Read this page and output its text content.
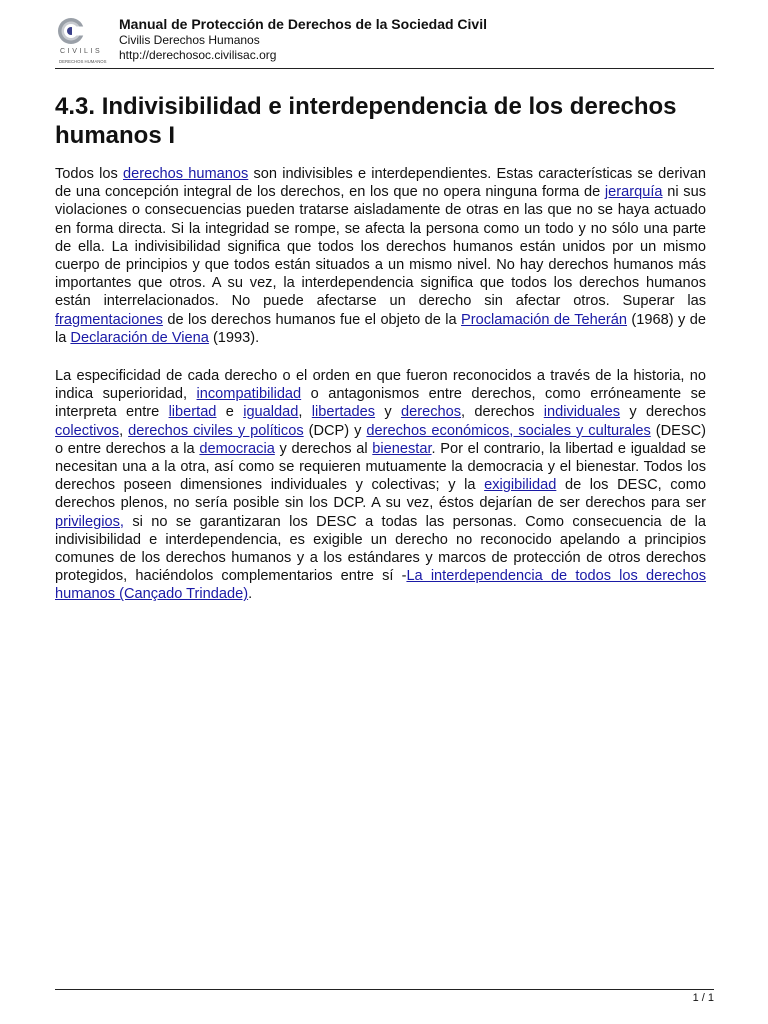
CIVILIS
DERECHOS HUMANOS
Manual de Protección de Derechos de la Sociedad Civil
Civilis Derechos Humanos
http://derechosoc.civilisac.org
4.3. Indivisibilidad e interdependencia de los derechos humanos I

Todos los derechos humanos son indivisibles e interdependientes. Estas características se derivan de una concepción integral de los derechos, en los que no opera ninguna forma de jerarquía ni sus violaciones o consecuencias pueden tratarse aisladamente de otras en las que no se haya actuado en forma directa. Si la integridad se rompe, se afecta la persona como un todo y no sólo una parte de ella. La indivisibilidad significa que todos los derechos humanos están unidos por un mismo cuerpo de principios y que todos están situados a un mismo nivel. No hay derechos humanos más importantes que otros. A su vez, la interdependencia significa que todos los derechos humanos están interrelacionados. No puede afectarse un derecho sin afectar otros. Superar las fragmentaciones de los derechos humanos fue el objeto de la Proclamación de Teherán (1968) y de la Declaración de Viena (1993).

La especificidad de cada derecho o el orden en que fueron reconocidos a través de la historia, no indica superioridad, incompatibilidad o antagonismos entre derechos, como erróneamente se interpreta entre libertad e igualdad, libertades y derechos, derechos individuales y derechos colectivos, derechos civiles y políticos (DCP) y derechos económicos, sociales y culturales (DESC) o entre derechos a la democracia y derechos al bienestar. Por el contrario, la libertad e igualdad se necesitan una a la otra, así como se requieren mutuamente la democracia y el bienestar. Todos los derechos poseen dimensiones individuales y colectivas; y la exigibilidad de los DESC, como derechos plenos, no sería posible sin los DCP. A su vez, éstos dejarían de ser derechos para ser privilegios, si no se garantizaran los DESC a todas las personas. Como consecuencia de la indivisibilidad e interdependencia, es exigible un derecho no reconocido apelando a principios comunes de los derechos humanos y a los estándares y marcos de protección de otros derechos protegidos, haciéndolos complementarios entre sí -La interdependencia de todos los derechos humanos (Cançado Trindade).

1 / 1
